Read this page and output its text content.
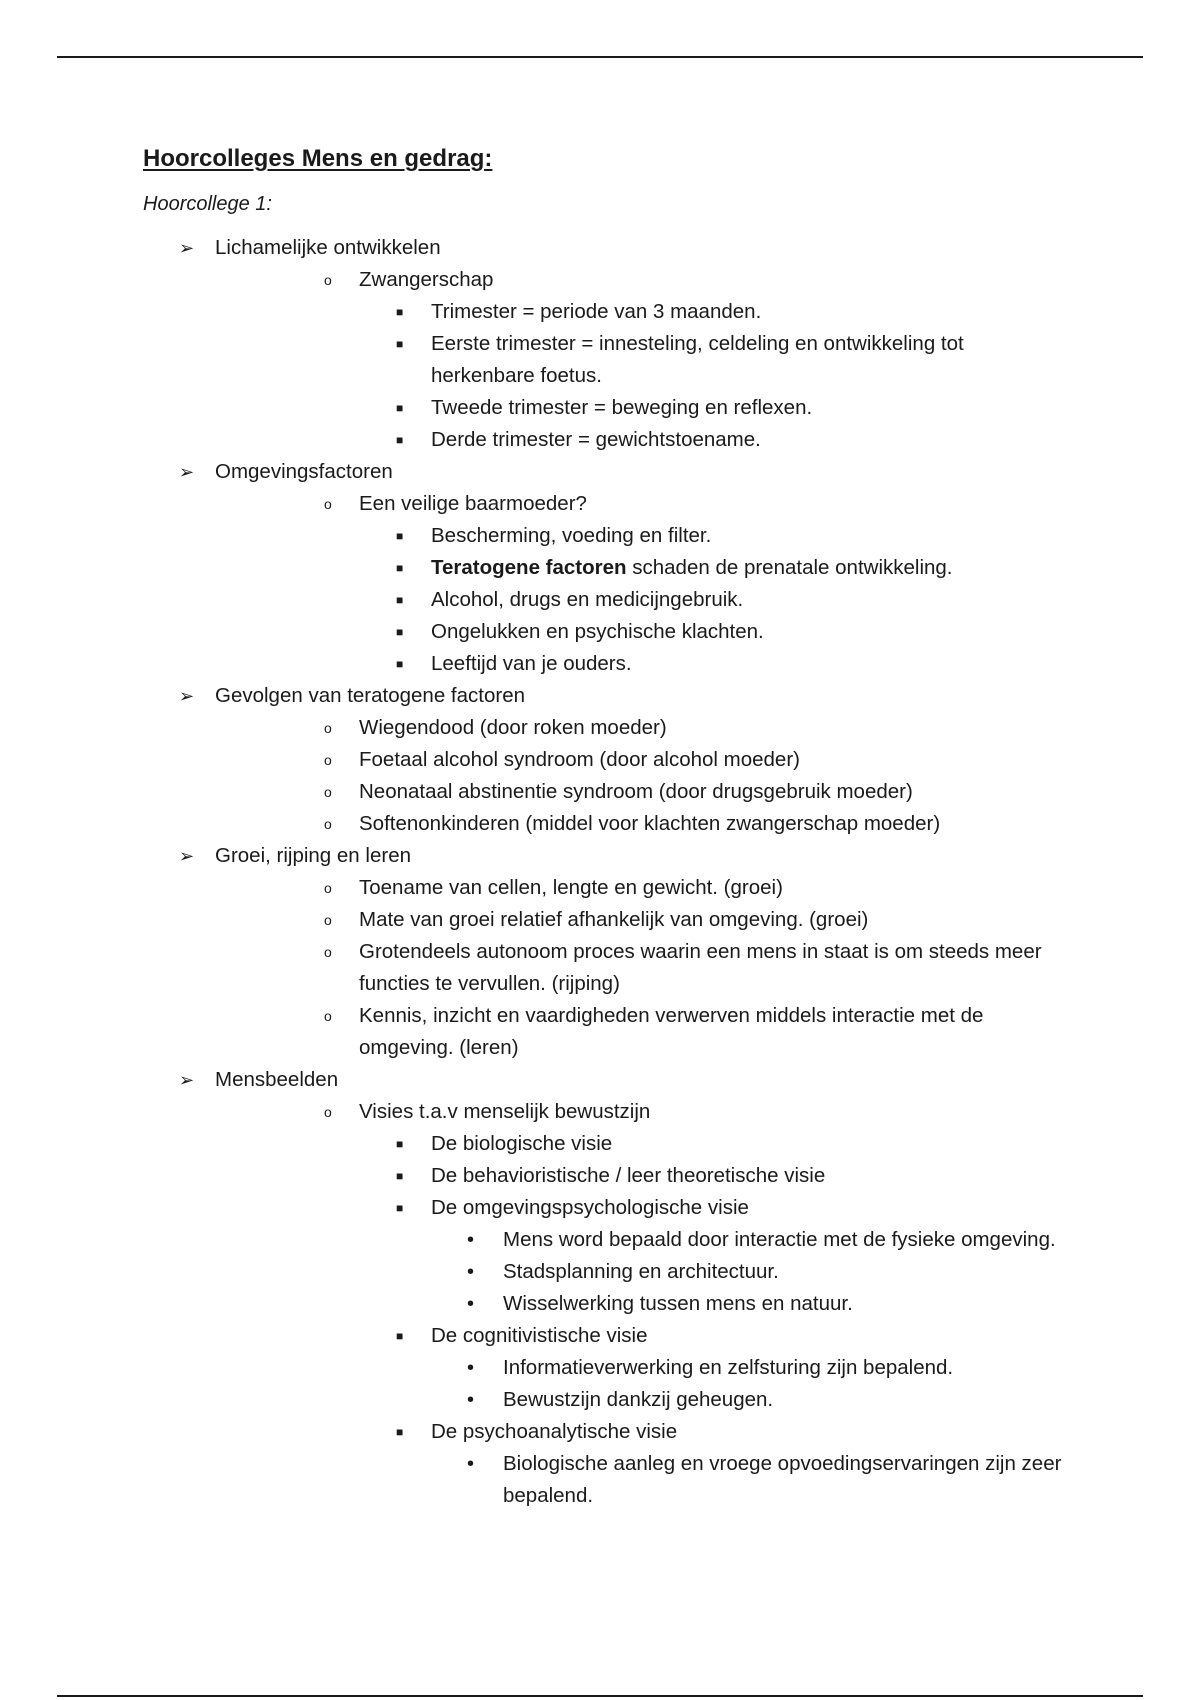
Hoorcolleges Mens en gedrag:
Hoorcollege 1:
➢ Lichamelijke ontwikkelen
o Zwangerschap
■ Trimester = periode van 3 maanden.
■ Eerste trimester = innesteling, celdeling en ontwikkeling tot herkenbare foetus.
■ Tweede trimester = beweging en reflexen.
■ Derde trimester = gewichtstoename.
➢ Omgevingsfactoren
o Een veilige baarmoeder?
■ Bescherming, voeding en filter.
■ Teratogene factoren schaden de prenatale ontwikkeling.
■ Alcohol, drugs en medicijngebruik.
■ Ongelukken en psychische klachten.
■ Leeftijd van je ouders.
➢ Gevolgen van teratogene factoren
o Wiegendood (door roken moeder)
o Foetaal alcohol syndroom (door alcohol moeder)
o Neonataal abstinentie syndroom (door drugsgebruik moeder)
o Softenonkinderen (middel voor klachten zwangerschap moeder)
➢ Groei, rijping en leren
o Toename van cellen, lengte en gewicht. (groei)
o Mate van groei relatief afhankelijk van omgeving. (groei)
o Grotendeels autonoom proces waarin een mens in staat is om steeds meer functies te vervullen. (rijping)
o Kennis, inzicht en vaardigheden verwerven middels interactie met de omgeving. (leren)
➢ Mensbeelden
o Visies t.a.v menselijk bewustzijn
■ De biologische visie
■ De behavioristische / leer theoretische visie
■ De omgevingspsychologische visie
• Mens word bepaald door interactie met de fysieke omgeving.
• Stadsplanning en architectuur.
• Wisselwerking tussen mens en natuur.
■ De cognitivistische visie
• Informatieverwerking en zelfsturing zijn bepalend.
• Bewustzijn dankzij geheugen.
■ De psychoanalytische visie
• Biologische aanleg en vroege opvoedingservaringen zijn zeer bepalend.
